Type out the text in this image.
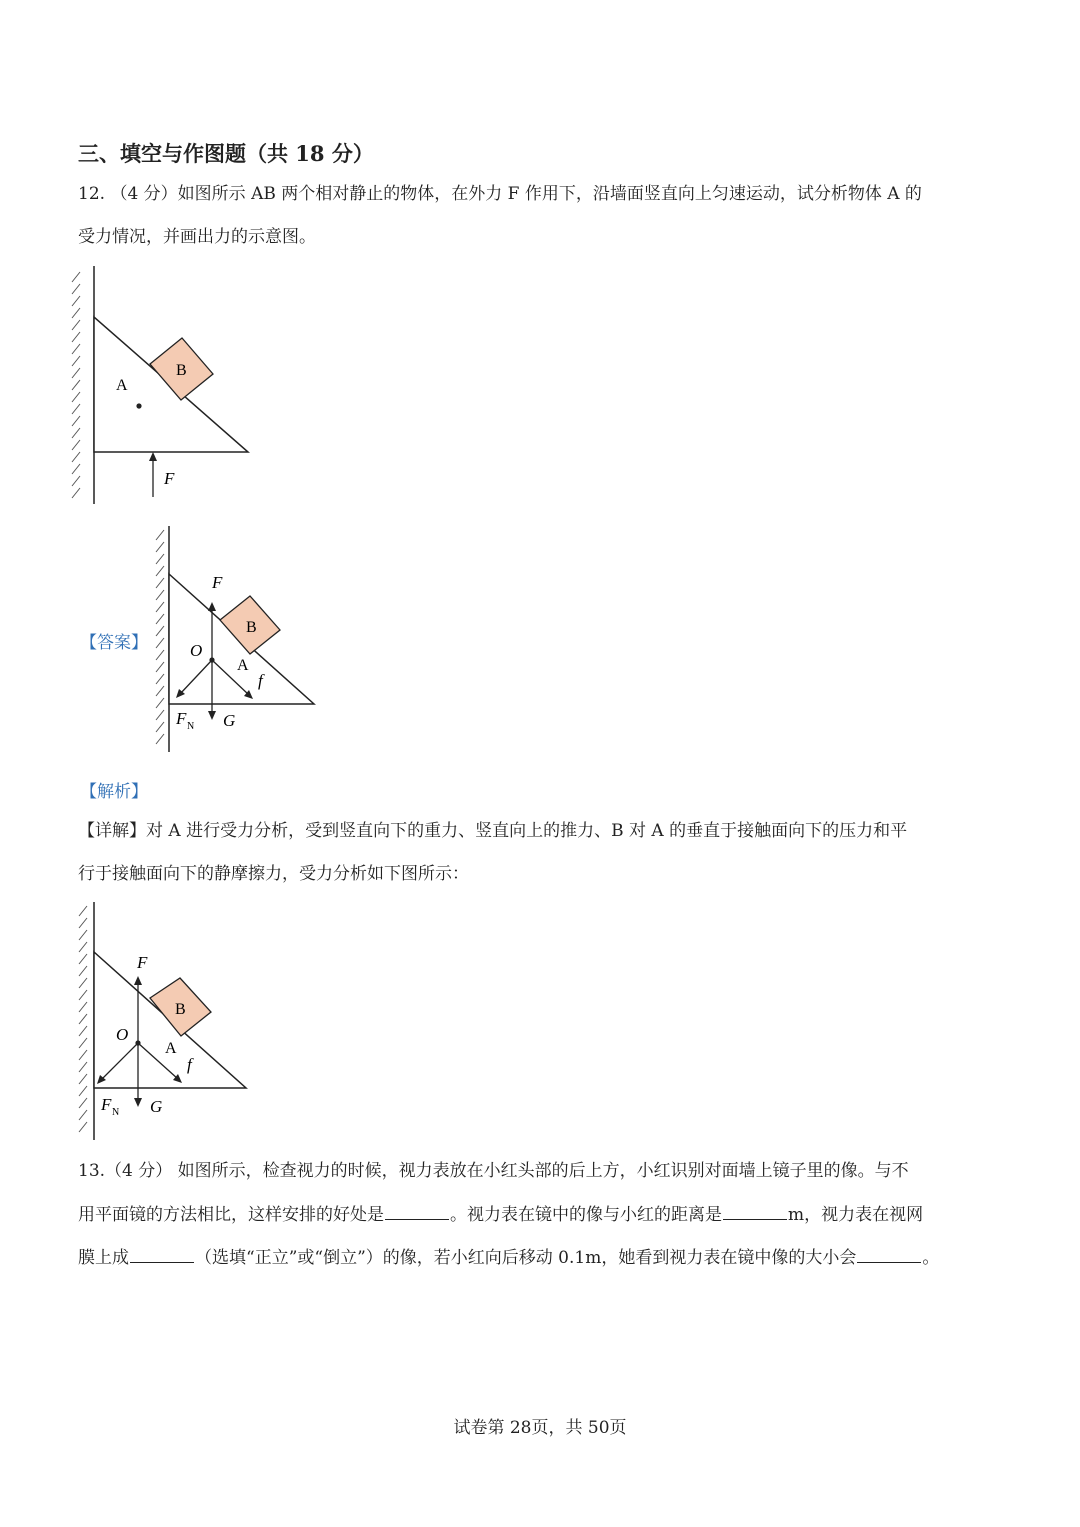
三、填空与作图题（共 18 分）
12. （4 分）如图所示 AB 两个相对静止的物体，在外力 F 作用下，沿墙面竖直向上匀速运动，试分析物体 A 的
受力情况，并画出力的示意图。
B
A
F
【答案】
B
F
O
A
f
F N G
【解析】
【详解】对 A 进行受力分析，受到竖直向下的重力、竖直向上的推力、B 对 A 的垂直于接触面向下的压力和平
行于接触面向下的静摩擦力，受力分析如下图所示：
B
F
O
A
f
F N G
13.（4 分） 如图所示，检查视力的时候，视力表放在小红头部的后上方，小红识别对面墙上镜子里的像。与不
用平面镜的方法相比，这样安排的好处是	。视力表在镜中的像与小红的距离是	m，视力表在视网
膜上成	（选填“正立”或“倒立”）的像，若小红向后移动 0.1m，她看到视力表在镜中像的大小会	。
试卷第 28页，共 50页
